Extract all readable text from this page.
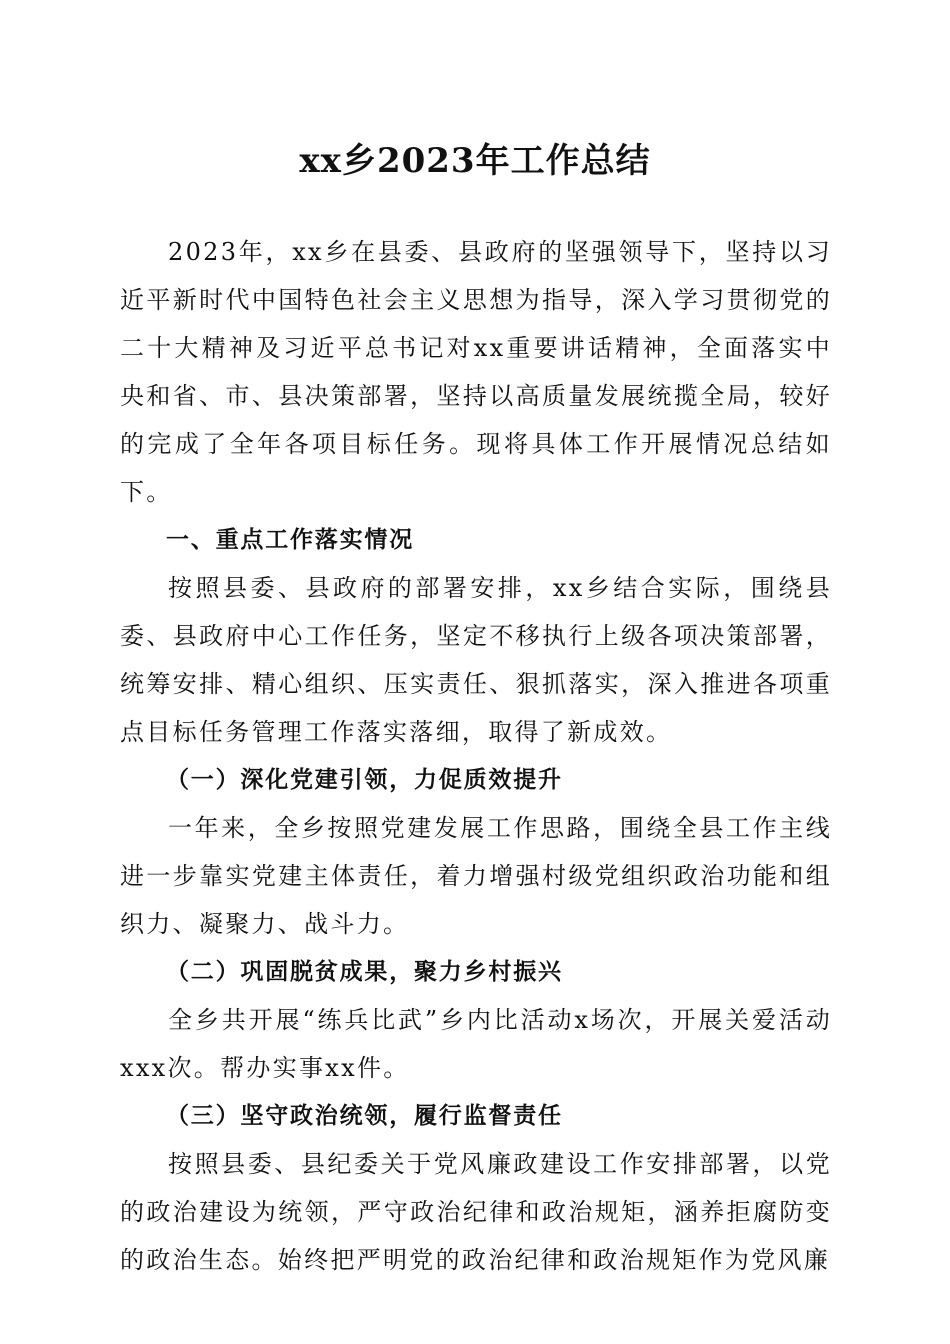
xx乡2023年工作总结

2023年，xx乡在县委、县政府的坚强领导下，坚持以习近平新时代中国特色社会主义思想为指导，深入学习贯彻党的二十大精神及习近平总书记对xx重要讲话精神，全面落实中央和省、市、县决策部署，坚持以高质量发展统揽全局，较好的完成了全年各项目标任务。现将具体工作开展情况总结如下。

一、重点工作落实情况

按照县委、县政府的部署安排，xx乡结合实际，围绕县委、县政府中心工作任务，坚定不移执行上级各项决策部署，统筹安排、精心组织、压实责任、狠抓落实，深入推进各项重点目标任务管理工作落实落细，取得了新成效。

（一）深化党建引领，力促质效提升

一年来，全乡按照党建发展工作思路，围绕全县工作主线进一步靠实党建主体责任，着力增强村级党组织政治功能和组织力、凝聚力、战斗力。

（二）巩固脱贫成果，聚力乡村振兴

全乡共开展“练兵比武”乡内比活动x场次，开展关爱活动xxx次。帮办实事xx件。

（三）坚守政治统领，履行监督责任

按照县委、县纪委关于党风廉政建设工作安排部署，以党的政治建设为统领，严守政治纪律和政治规矩，涵养拒腐防变的政治生态。始终把严明党的政治纪律和政治规矩作为党风廉
